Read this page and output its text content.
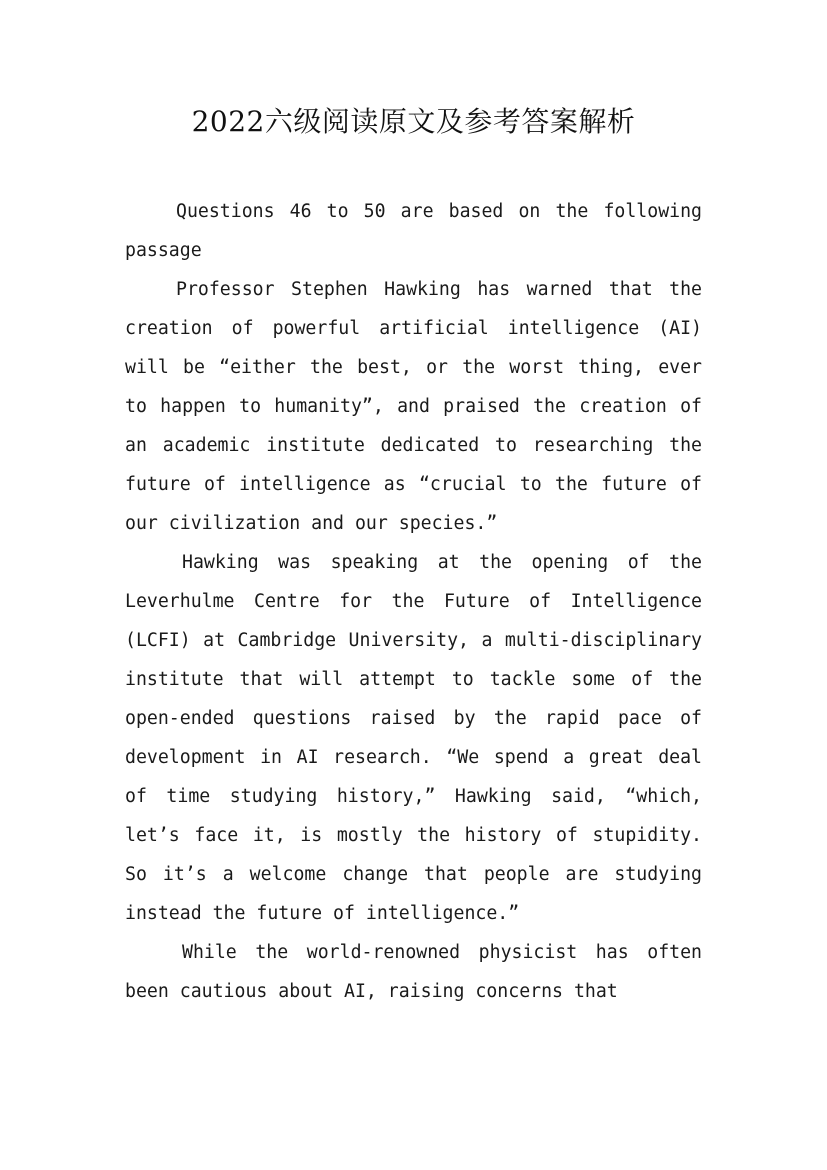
2022六级阅读原文及参考答案解析

Questions 46 to 50 are based on the following passage

Professor Stephen Hawking has warned that the creation of powerful artificial intelligence (AI) will be “either the best, or the worst thing, ever to happen to humanity”, and praised the creation of an academic institute dedicated to researching the future of intelligence as “crucial to the future of our civilization and our species.”

Hawking was speaking at the opening of the Leverhulme Centre for the Future of Intelligence (LCFI) at Cambridge University, a multi-disciplinary institute that will attempt to tackle some of the open-ended questions raised by the rapid pace of development in AI research. “We spend a great deal of time studying history,” Hawking said, “which, let’s face it, is mostly the history of stupidity. So it’s a welcome change that people are studying instead the future of intelligence.”

While the world-renowned physicist has often been cautious about AI, raising concerns that
